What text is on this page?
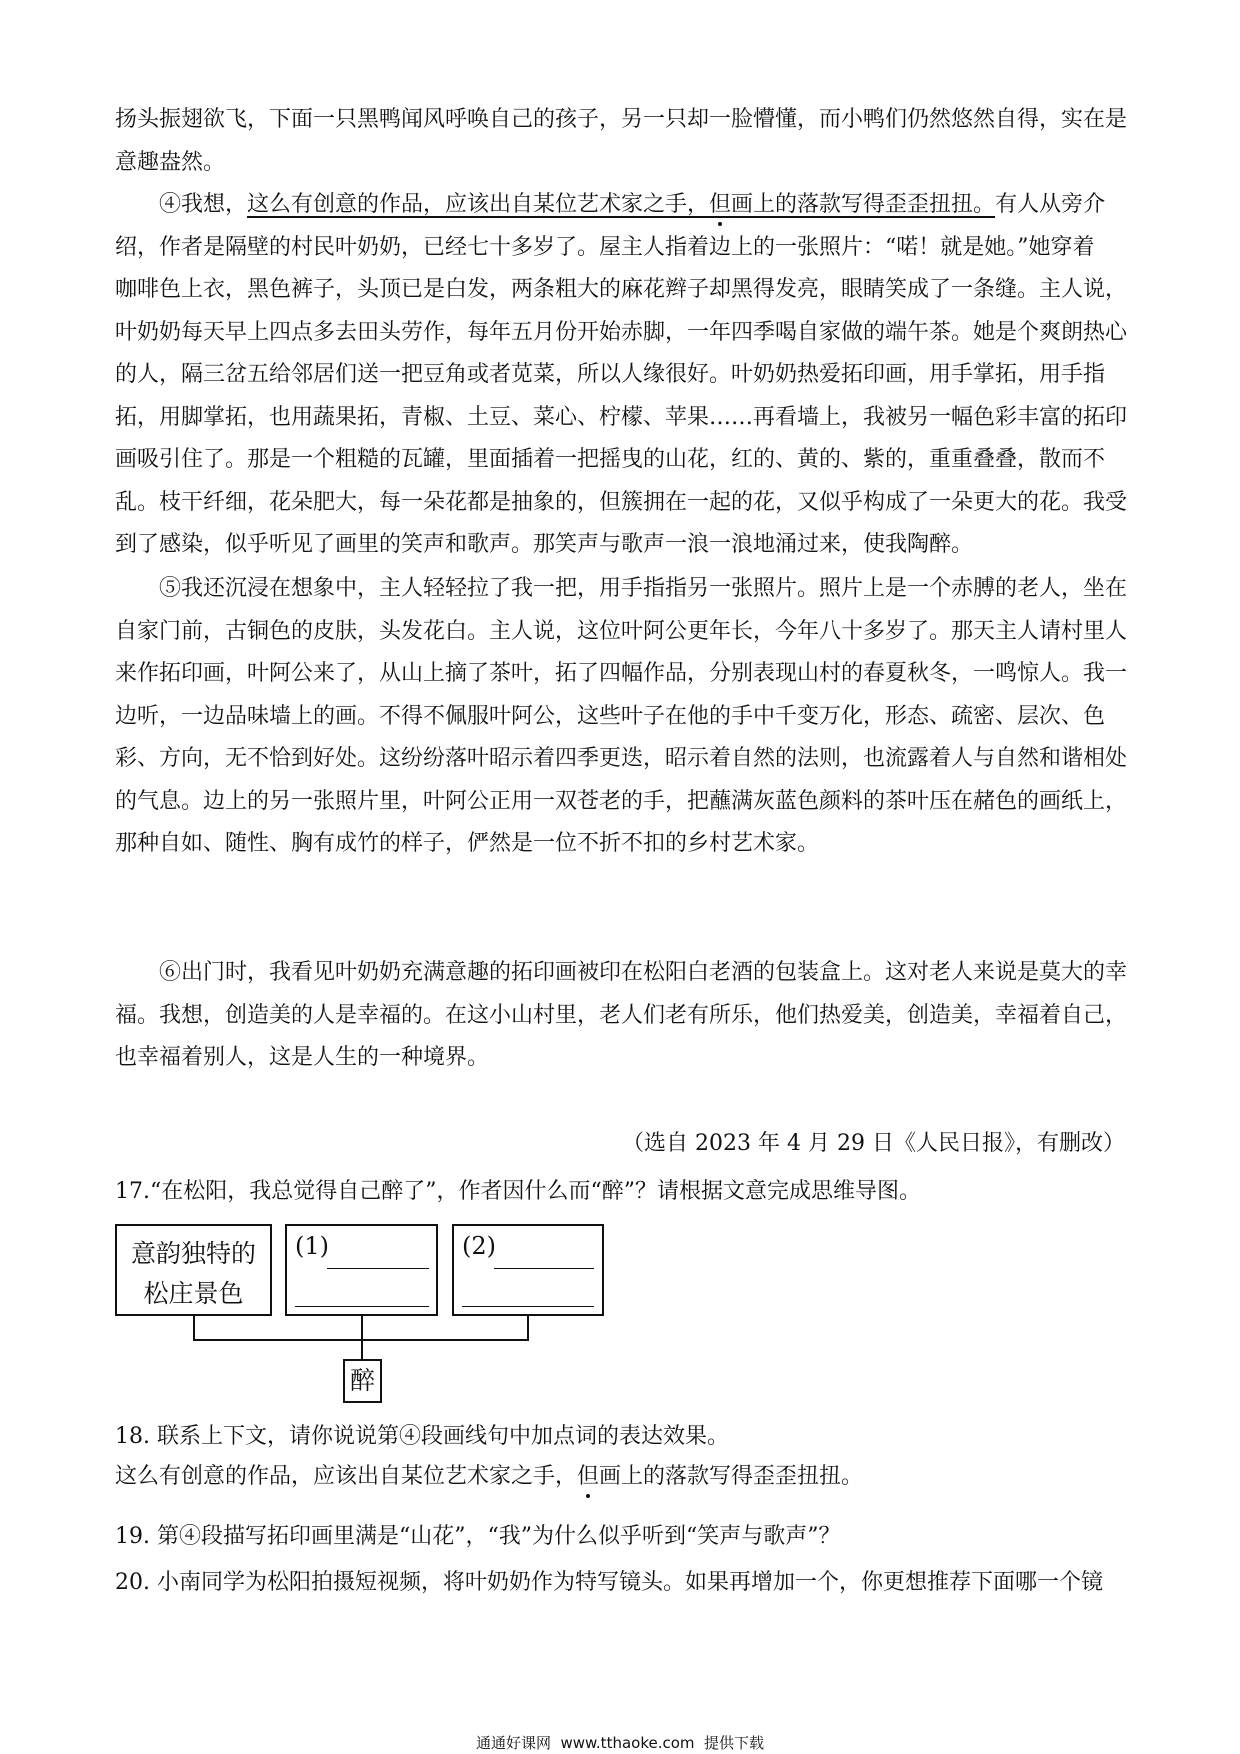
扬头振翅欲飞，下面一只黑鸭闻风呼唤自己的孩子，另一只却一脸懵懂，而小鸭们仍然悠然自得，实在是
意趣盎然。
④我想，这么有创意的作品，应该出自某位艺术家之手，但画上的落款写得歪歪扭扭。有人从旁介
绍，作者是隔壁的村民叶奶奶，已经七十多岁了。屋主人指着边上的一张照片：“喏！就是她。”她穿着
咖啡色上衣，黑色裤子，头顶已是白发，两条粗大的麻花辫子却黑得发亮，眼睛笑成了一条缝。主人说，
叶奶奶每天早上四点多去田头劳作，每年五月份开始赤脚，一年四季喝自家做的端午茶。她是个爽朗热心
的人，隔三岔五给邻居们送一把豆角或者苋菜，所以人缘很好。叶奶奶热爱拓印画，用手掌拓，用手指
拓，用脚掌拓，也用蔬果拓，青椒、土豆、菜心、柠檬、苹果……再看墙上，我被另一幅色彩丰富的拓印
画吸引住了。那是一个粗糙的瓦罐，里面插着一把摇曳的山花，红的、黄的、紫的，重重叠叠，散而不
乱。枝干纤细，花朵肥大，每一朵花都是抽象的，但簇拥在一起的花，又似乎构成了一朵更大的花。我受
到了感染，似乎听见了画里的笑声和歌声。那笑声与歌声一浪一浪地涌过来，使我陶醉。
⑤我还沉浸在想象中，主人轻轻拉了我一把，用手指指另一张照片。照片上是一个赤膊的老人，坐在
自家门前，古铜色的皮肤，头发花白。主人说，这位叶阿公更年长，今年八十多岁了。那天主人请村里人
来作拓印画，叶阿公来了，从山上摘了茶叶，拓了四幅作品，分别表现山村的春夏秋冬，一鸣惊人。我一
边听，一边品味墙上的画。不得不佩服叶阿公，这些叶子在他的手中千变万化，形态、疏密、层次、色
彩、方向，无不恰到好处。这纷纷落叶昭示着四季更迭，昭示着自然的法则，也流露着人与自然和谐相处
的气息。边上的另一张照片里，叶阿公正用一双苍老的手，把蘸满灰蓝色颜料的茶叶压在赭色的画纸上，
那种自如、随性、胸有成竹的样子，俨然是一位不折不扣的乡村艺术家。
⑥出门时，我看见叶奶奶充满意趣的拓印画被印在松阳白老酒的包装盒上。这对老人来说是莫大的幸
福。我想，创造美的人是幸福的。在这小山村里，老人们老有所乐，他们热爱美，创造美，幸福着自己，
也幸福着别人，这是人生的一种境界。
（选自 2023 年 4 月 29 日《人民日报》，有删改）
17.“在松阳，我总觉得自己醉了”，作者因什么而“醉”？请根据文意完成思维导图。
意韵独特的
松庄景色
(1)	(2)
醉
18. 联系上下文，请你说说第④段画线句中加点词的表达效果。
这么有创意的作品，应该出自某位艺术家之手，但画上的落款写得歪歪扭扭。
19. 第④段描写拓印画里满是“山花”，“我”为什么似乎听到“笑声与歌声”？
20. 小南同学为松阳拍摄短视频，将叶奶奶作为特写镜头。如果再增加一个，你更想推荐下面哪一个镜
通通好课网  www.tthaoke.com  提供下载
